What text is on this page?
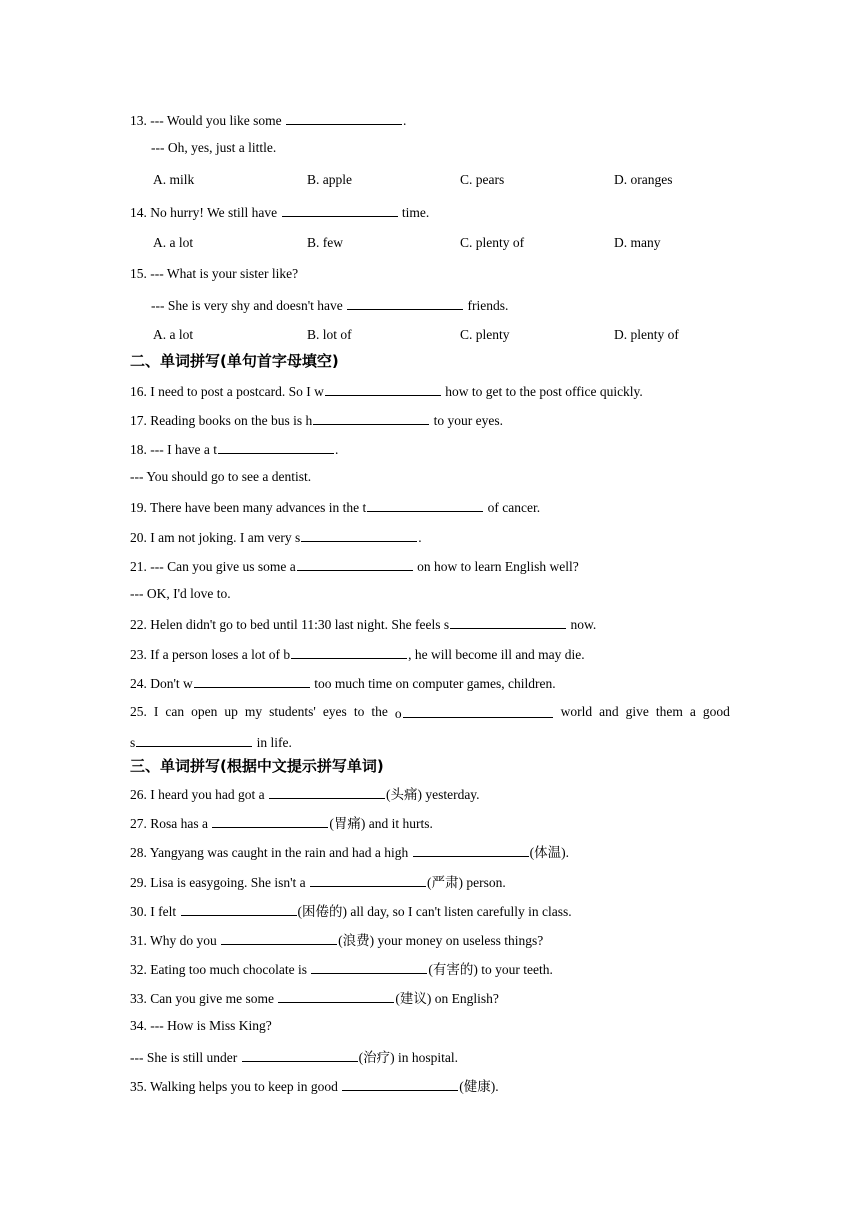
13. --- Would you like some	.
--- Oh, yes, just a little.
A. milk	B. apple	C. pears	D. oranges
14. No hurry! We still have	time.
A. a lot	B. few	C. plenty of	D. many
15. --- What is your sister like?
--- She is very shy and doesn't have	friends.
A. a lot	B. lot of	C. plenty	D. plenty of
二、单词拼写(单句首字母填空)
16. I need to post a postcard. So I w	how to get to the post office quickly.
17. Reading books on the bus is h	to your eyes.
18. --- I have a t	.
--- You should go to see a dentist.
19. There have been many advances in the t	of cancer.
20. I am not joking. I am very s	.
21. --- Can you give us some a	on how to learn English well?
--- OK, I'd love to.
22. Helen didn't go to bed until 11:30 last night. She feels s	now.
23. If a person loses a lot of b	, he will become ill and may die.
24. Don't w	too much time on computer games, children.
25. I can open up my students' eyes to the o	world and give them a good
s	in life.
三、单词拼写(根据中文提示拼写单词)
26. I heard you had got a	(头痛) yesterday.
27. Rosa has a	(胃痛) and it hurts.
28. Yangyang was caught in the rain and had a high	(体温).
29. Lisa is easygoing. She isn't a	(严肃) person.
30. I felt	(困倦的) all day, so I can't listen carefully in class.
31. Why do you	(浪费) your money on useless things?
32. Eating too much chocolate is	(有害的) to your teeth.
33. Can you give me some	(建议) on English?
34. --- How is Miss King?
--- She is still under	(治疗) in hospital.
35. Walking helps you to keep in good	(健康).
